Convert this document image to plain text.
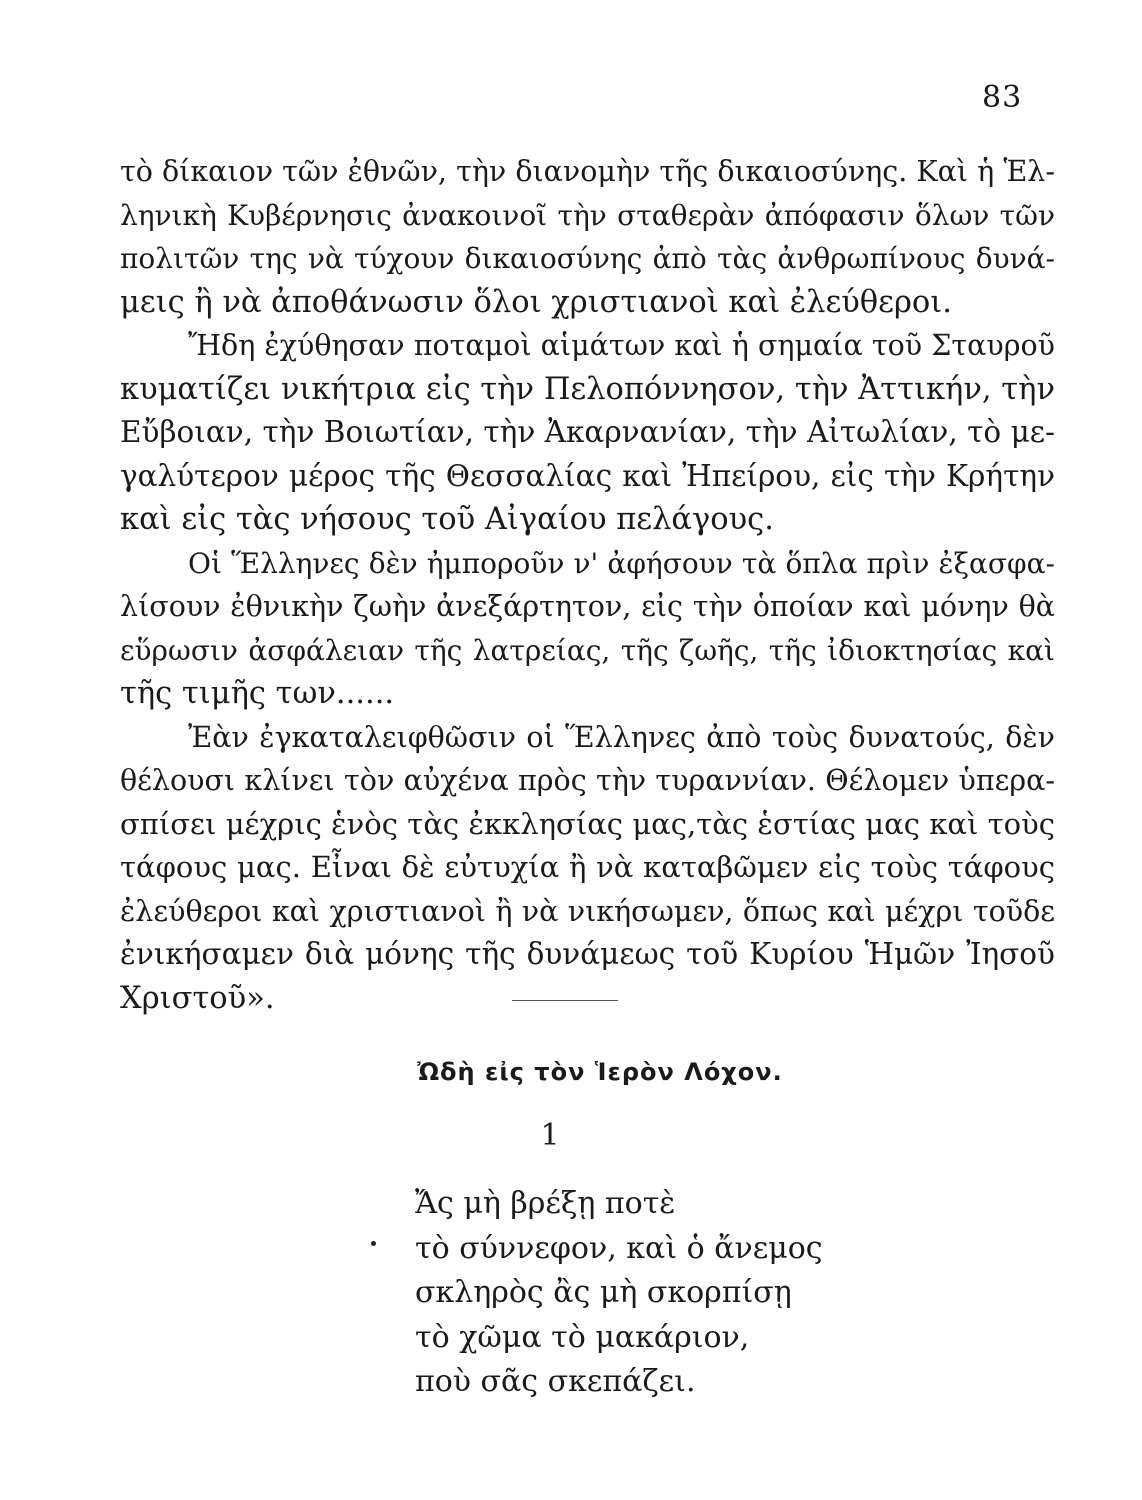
83
τὸ δίκαιον τῶν ἐθνῶν, τὴν διανομὴν τῆς δικαιοσύνης. Καὶ ἡ Ἑλ-
ληνικὴ Κυβέρνησις ἀνακοινοῖ τὴν σταθερὰν ἀπόφασιν ὅλων τῶν
πολιτῶν της νὰ τύχουν δικαιοσύνης ἀπὸ τὰς ἀνθρωπίνους δυνά-
μεις ἢ νὰ ἀποθάνωσιν ὅλοι χριστιανοὶ καὶ ἐλεύθεροι.
Ἤδη ἐχύθησαν ποταμοὶ αἱμάτων καὶ ἡ σημαία τοῦ Σταυροῦ
κυματίζει νικήτρια εἰς τὴν Πελοπόννησον, τὴν Ἀττικήν, τὴν
Εὔβοιαν, τὴν Βοιωτίαν, τὴν Ἀκαρνανίαν, τὴν Αἰτωλίαν, τὸ με-
γαλύτερον μέρος τῆς Θεσσαλίας καὶ Ἠπείρου, εἰς τὴν Κρήτην
καὶ εἰς τὰς νήσους τοῦ Αἰγαίου πελάγους.
Οἱ Ἕλληνες δὲν ἠμποροῦν ν' ἀφήσουν τὰ ὅπλα πρὶν ἐξασφα-
λίσουν ἐθνικὴν ζωὴν ἀνεξάρτητον, εἰς τὴν ὁποίαν καὶ μόνην θὰ
εὕρωσιν ἀσφάλειαν τῆς λατρείας, τῆς ζωῆς, τῆς ἰδιοκτησίας καὶ
τῆς τιμῆς των......
Ἐὰν ἐγκαταλειφθῶσιν οἱ Ἕλληνες ἀπὸ τοὺς δυνατούς, δὲν
θέλουσι κλίνει τὸν αὐχένα πρὸς τὴν τυραννίαν. Θέλομεν ὑπερα-
σπίσει μέχρις ἑνὸς τὰς ἐκκλησίας μας,τὰς ἑστίας μας καὶ τοὺς
τάφους μας. Εἶναι δὲ εὐτυχία ἢ νὰ καταβῶμεν εἰς τοὺς τάφους
ἐλεύθεροι καὶ χριστιανοὶ ἢ νὰ νικήσωμεν, ὅπως καὶ μέχρι τοῦδε
ἐνικήσαμεν διὰ μόνης τῆς δυνάμεως τοῦ Κυρίου Ἡμῶν Ἰησοῦ
Χριστοῦ».
Ὠδὴ εἰς τὸν Ἱερὸν Λόχον.
1
Ἄς μὴ βρέξῃ ποτὲ
τὸ σύννεφον, καὶ ὁ ἄνεμος
σκληρὸς ἂς μὴ σκορπίσῃ
τὸ χῶμα τὸ μακάριον,
ποὺ σᾶς σκεπάζει.
